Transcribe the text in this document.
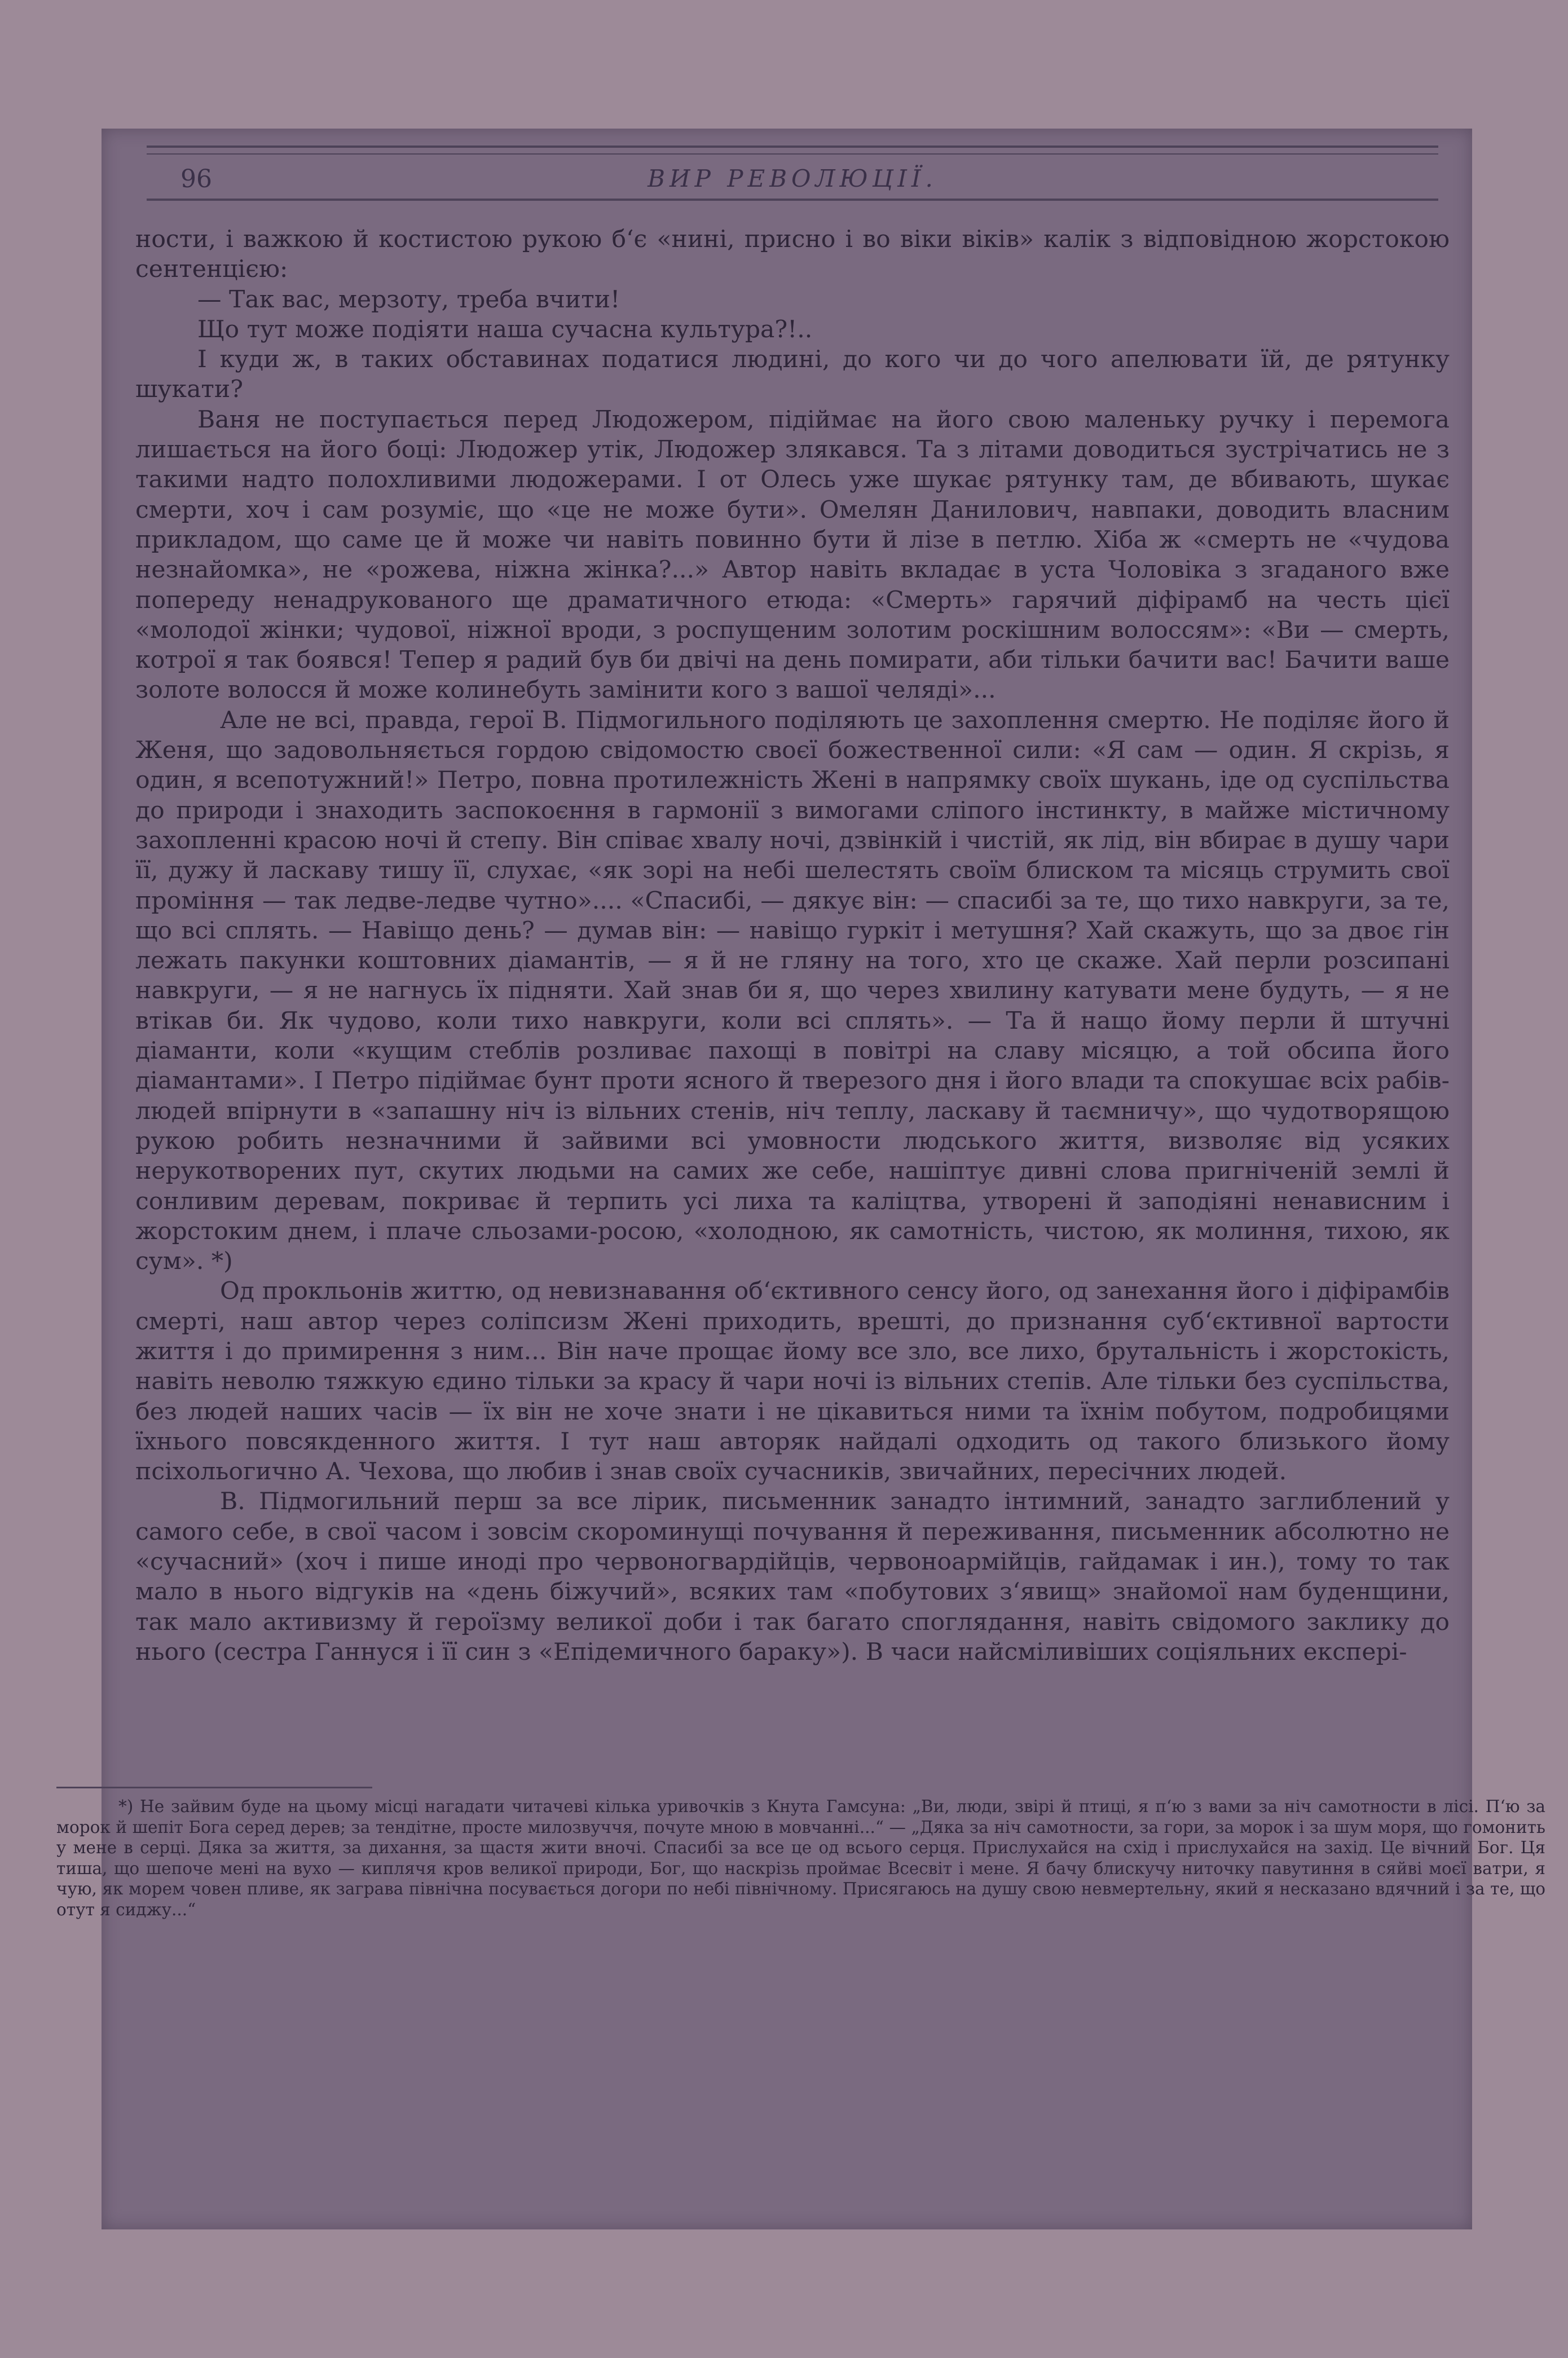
96	ВИР РЕВОЛЮЦІЇ.

ности, і важкою й костистою рукою б‘є «нині, присно і во віки віків» калік з відповідною жорстокою сентенцією:

— Так вас, мерзоту, треба вчити!

Що тут може подіяти наша сучасна культура?!..

І куди ж, в таких обставинах податися людині, до кого чи до чого апелювати їй, де рятунку шукати?

Ваня не поступається перед Людожером, підіймає на його свою маленьку ручку і перемога лишається на його боці: Людожер утік, Людожер злякався. Та з літами доводиться зустрічатись не з такими надто полохливими людожерами. І от Олесь уже шукає рятунку там, де вбивають, шукає смерти, хоч і сам розуміє, що «це не може бути». Омелян Данилович, навпаки, доводить власним прикладом, що саме це й може чи навіть повинно бути й лізе в петлю. Хіба ж «смерть не «чудова незнайомка», не «рожева, ніжна жінка?...» Автор навіть вкладає в уста Чоловіка з згаданого вже попереду ненадрукованого ще драматичного етюда: «Смерть» гарячий діфірамб на честь цієї «молодої жінки; чудової, ніжної вроди, з роспущеним золотим роскішним волоссям»: «Ви — смерть, котрої я так боявся! Тепер я радий був би двічі на день помирати, аби тільки бачити вас! Бачити ваше золоте волосся й може колинебуть замінити кого з вашої челяді»...

Але не всі, правда, герої В. Підмогильного поділяють це захоплення смертю. Не поділяє його й Женя, що задовольняється гордою свідомостю своєї божественної сили: «Я сам — один. Я скрізь, я один, я всепотужний!» Петро, повна протилежність Жені в напрямку своїх шукань, іде од суспільства до природи і знаходить заспокоєння в гармонії з вимогами сліпого інстинкту, в майже містичному захопленні красою ночі й степу. Він співає хвалу ночі, дзвінкій і чистій, як лід, він вбирає в душу чари її, дужу й ласкаву тишу її, слухає, «як зорі на небі шелестять своїм блиском та місяць струмить свої проміння — так ледве-ледве чутно».... «Спасибі, — дякує він: — спасибі за те, що тихо навкруги, за те, що всі сплять. — Навіщо день? — думав він: — навіщо гуркіт і метушня? Хай скажуть, що за двоє гін лежать пакунки коштовних діамантів, — я й не гляну на того, хто це скаже. Хай перли розсипані навкруги, — я не нагнусь їх підняти. Хай знав би я, що через хвилину катувати мене будуть, — я не втікав би. Як чудово, коли тихо навкруги, коли всі сплять». — Та й нащо йому перли й штучні діаманти, коли «кущим стеблів розливає пахощі в повітрі на славу місяцю, а той обсипа його діамантами». І Петро підіймає бунт проти ясного й тверезого дня і його влади та спокушає всіх рабів-людей впірнути в «запашну ніч із вільних стенів, ніч теплу, ласкаву й таємничу», що чудотворящою рукою робить незначними й зайвими всі умовности людського життя, визволяє від усяких нерукотворених пут, скутих людьми на самих же себе, нашіптує дивні слова пригніченій землі й сонливим деревам, покриває й терпить усі лиха та каліцтва, утворені й заподіяні ненависним і жорстоким днем, і плаче сльозами-росою, «холодною, як самотність, чистою, як молиння, тихою, як сум». *)

Од прокльонів життю, од невизнавання об‘єктивного сенсу його, од занехання його і діфірамбів смерті, наш автор через соліпсизм Жені приходить, врешті, до признання суб‘єктивної вартости життя і до примирення з ним... Він наче прощає йому все зло, все лихо, брутальність і жорстокість, навіть неволю тяжкую єдино тільки за красу й чари ночі із вільних степів. Але тільки без суспільства, без людей наших часів — їх він не хоче знати і не цікавиться ними та їхнім побутом, подробицями їхнього повсякденного життя. І тут наш авторяк найдалі одходить од такого близького йому псіхольогично А. Чехова, що любив і знав своїх сучасників, звичайних, пересічних людей.

В. Підмогильний перш за все лірик, письменник занадто інтимний, занадто заглиблений у самого себе, в свої часом і зовсім скороминущі почування й переживання, письменник абсолютно не «сучасний» (хоч і пише иноді про червоногвардійців, червоноармійців, гайдамак і ин.), тому то так мало в нього відгуків на «день біжучий», всяких там «побутових з‘явищ» знайомої нам буденщини, так мало активизму й героїзму великої доби і так багато споглядання, навіть свідомого заклику до нього (сестра Ганнуся і її син з «Епідемичного бараку»). В часи найсміливіших соціяльних експері-

*) Не зайвим буде на цьому місці нагадати читачеві кілька уривочків з Кнута Гамсуна: „Ви, люди, звірі й птиці, я п‘ю з вами за ніч самотности в лісі. П‘ю за морок й шепіт Бога серед дерев; за тендітне, просте милозвуччя, почуте мною в мовчанні...“ — „Дяка за ніч самотности, за гори, за морок і за шум моря, що гомонить у мене в серці. Дяка за життя, за дихання, за щастя жити вночі. Спасибі за все це од всього серця. Прислухайся на схід і прислухайся на захід. Це вічний Бог. Ця тиша, що шепоче мені на вухо — киплячя кров великої природи, Бог, що наскрізь проймає Всесвіт і мене. Я бачу блискучу ниточку павутиння в сяйві моєї ватри, я чую, як морем човен пливе, як заграва північна посувається догори по небі північному. Присягаюсь на душу свою невмертельну, який я несказано вдячний і за те, що отут я сиджу...“
